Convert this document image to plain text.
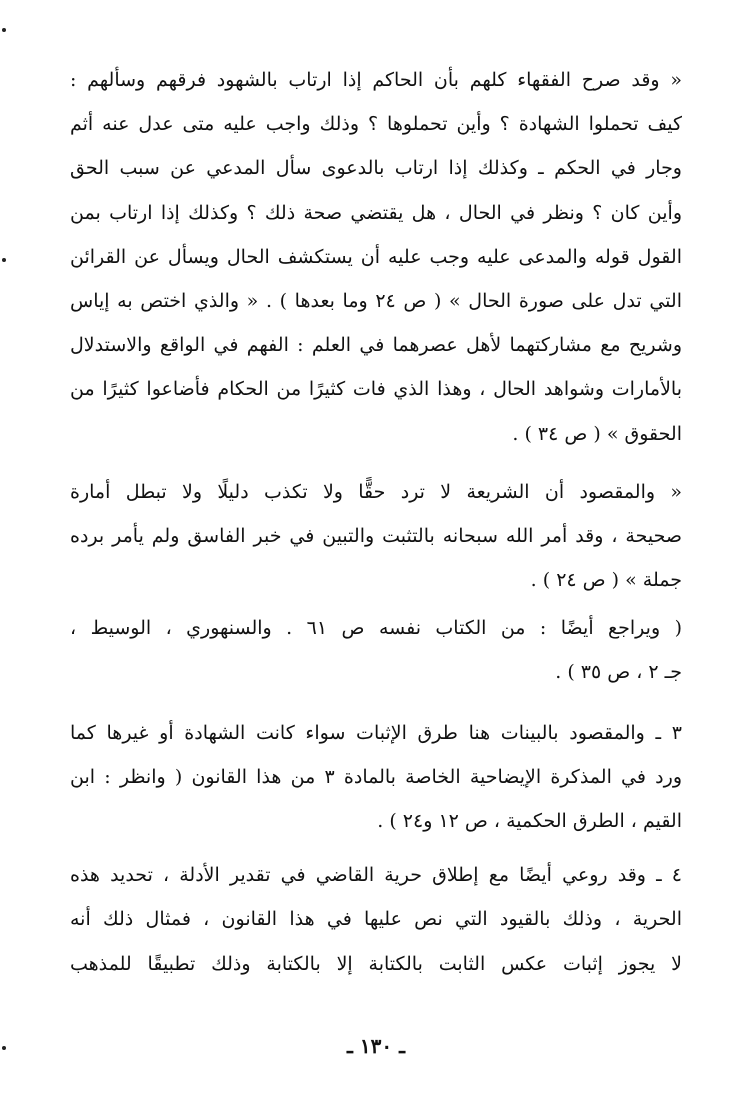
« وقد صرح الفقهاء كلهم بأن الحاكم إذا ارتاب بالشهود فرقهم وسألهم :
كيف تحملوا الشهادة ؟ وأين تحملوها ؟ وذلك واجب عليه متى عدل عنه أثم
وجار في الحكم ـ وكذلك إذا ارتاب بالدعوى سأل المدعي عن سبب الحق
وأين كان ؟ ونظر في الحال ، هل يقتضي صحة ذلك ؟ وكذلك إذا ارتاب بمن
القول قوله والمدعى عليه وجب عليه أن يستكشف الحال ويسأل عن القرائن
التي تدل على صورة الحال » ( ص ٢٤ وما بعدها ) . « والذي اختص به إياس
وشريح مع مشاركتهما لأهل عصرهما في العلم : الفهم في الواقع والاستدلال
بالأمارات وشواهد الحال ، وهذا الذي فات كثيرًا من الحكام فأضاعوا كثيرًا من
الحقوق » ( ص ٣٤ ) .
« والمقصود أن الشريعة لا ترد حقًّا ولا تكذب دليلًا ولا تبطل أمارة
صحيحة ، وقد أمر الله سبحانه بالتثبت والتبين في خبر الفاسق ولم يأمر برده
جملة » ( ص ٢٤ ) .
( ويراجع أيضًا : من الكتاب نفسه ص ٦١ . والسنهوري ، الوسيط ،
جـ ٢ ، ص ٣٥ ) .
٣ ـ والمقصود بالبينات هنا طرق الإثبات سواء كانت الشهادة أو غيرها كما
ورد في المذكرة الإيضاحية الخاصة بالمادة ٣ من هذا القانون ( وانظر : ابن
القيم ، الطرق الحكمية ، ص ١٢ و٢٤ ) .
٤ ـ وقد روعي أيضًا مع إطلاق حرية القاضي في تقدير الأدلة ، تحديد هذه
الحرية ، وذلك بالقيود التي نص عليها في هذا القانون ، فمثال ذلك أنه
لا يجوز إثبات عكس الثابت بالكتابة إلا بالكتابة وذلك تطبيقًا للمذهب
ـ ١٣٠ ـ
